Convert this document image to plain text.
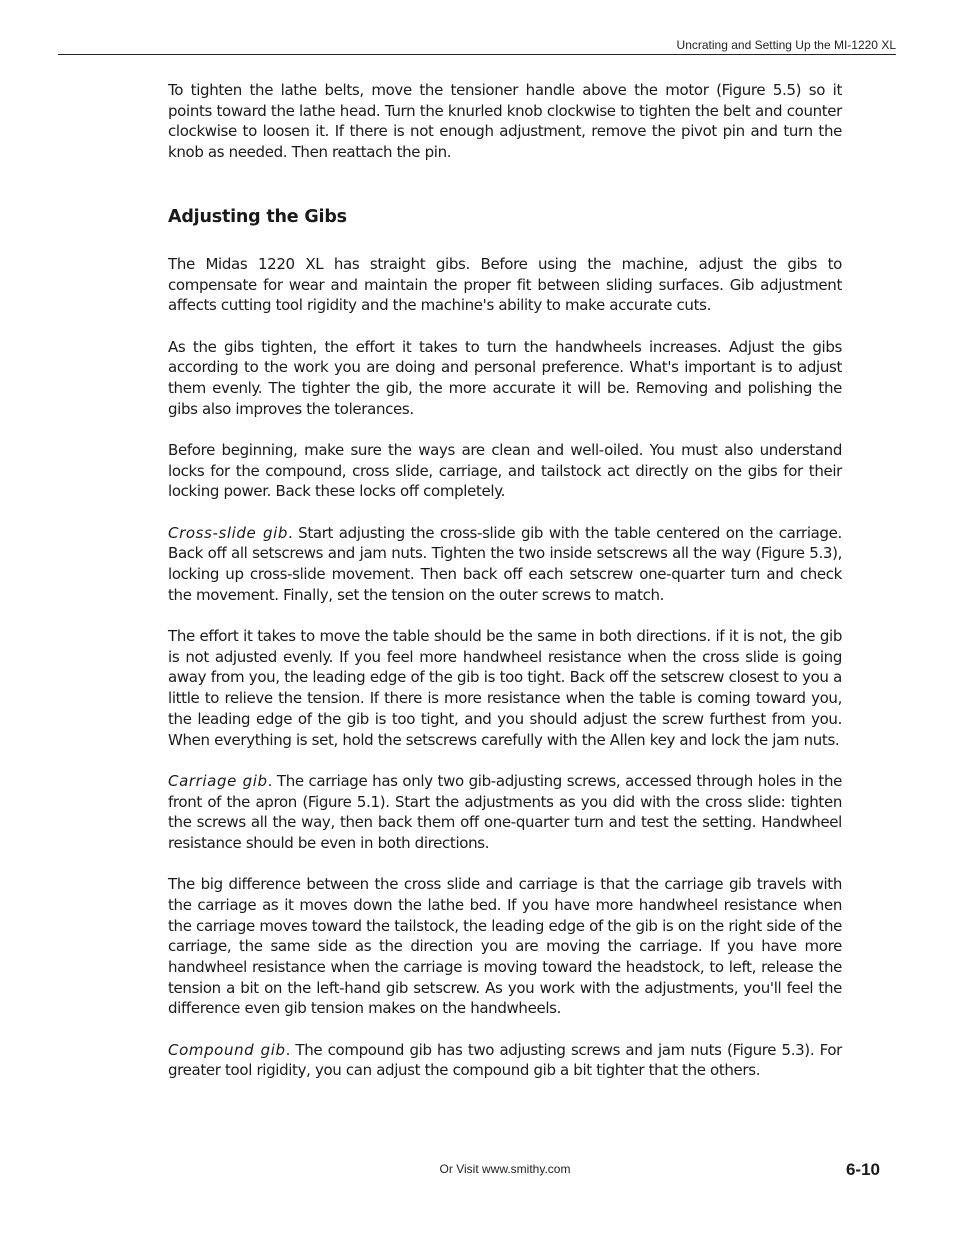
Uncrating and Setting Up the MI-1220 XL

To tighten the lathe belts, move the tensioner handle above the motor (Figure 5.5) so it points toward the lathe head. Turn the knurled knob clockwise to tighten the belt and counter clockwise to loosen it. If there is not enough adjustment, remove the pivot pin and turn the knob as needed. Then reattach the pin.

Adjusting the Gibs

The Midas 1220 XL has straight gibs. Before using the machine, adjust the gibs to compensate for wear and maintain the proper fit between sliding surfaces. Gib adjustment affects cutting tool rigidity and the machine's ability to make accurate cuts.

As the gibs tighten, the effort it takes to turn the handwheels increases. Adjust the gibs according to the work you are doing and personal preference. What's important is to adjust them evenly. The tighter the gib, the more accurate it will be. Removing and polishing the gibs also improves the tolerances.

Before beginning, make sure the ways are clean and well-oiled. You must also understand locks for the compound, cross slide, carriage, and tailstock act directly on the gibs for their locking power. Back these locks off completely.

Cross-slide gib. Start adjusting the cross-slide gib with the table centered on the carriage. Back off all setscrews and jam nuts. Tighten the two inside setscrews all the way (Figure 5.3), locking up cross-slide movement. Then back off each setscrew one-quarter turn and check the movement. Finally, set the tension on the outer screws to match.

The effort it takes to move the table should be the same in both directions. if it is not, the gib is not adjusted evenly. If you feel more handwheel resistance when the cross slide is going away from you, the leading edge of the gib is too tight. Back off the setscrew closest to you a little to relieve the tension. If there is more resistance when the table is coming toward you, the leading edge of the gib is too tight, and you should adjust the screw furthest from you. When everything is set, hold the setscrews carefully with the Allen key and lock the jam nuts.

Carriage gib. The carriage has only two gib-adjusting screws, accessed through holes in the front of the apron (Figure 5.1). Start the adjustments as you did with the cross slide: tighten the screws all the way, then back them off one-quarter turn and test the setting. Handwheel resistance should be even in both directions.

The big difference between the cross slide and carriage is that the carriage gib travels with the carriage as it moves down the lathe bed. If you have more handwheel resistance when the carriage moves toward the tailstock, the leading edge of the gib is on the right side of the carriage, the same side as the direction you are moving the carriage. If you have more handwheel resistance when the carriage is moving toward the headstock, to left, release the tension a bit on the left-hand gib setscrew. As you work with the adjustments, you'll feel the difference even gib tension makes on the handwheels.

Compound gib. The compound gib has two adjusting screws and jam nuts (Figure 5.3). For greater tool rigidity, you can adjust the compound gib a bit tighter that the others.

Or Visit www.smithy.com	6-10
